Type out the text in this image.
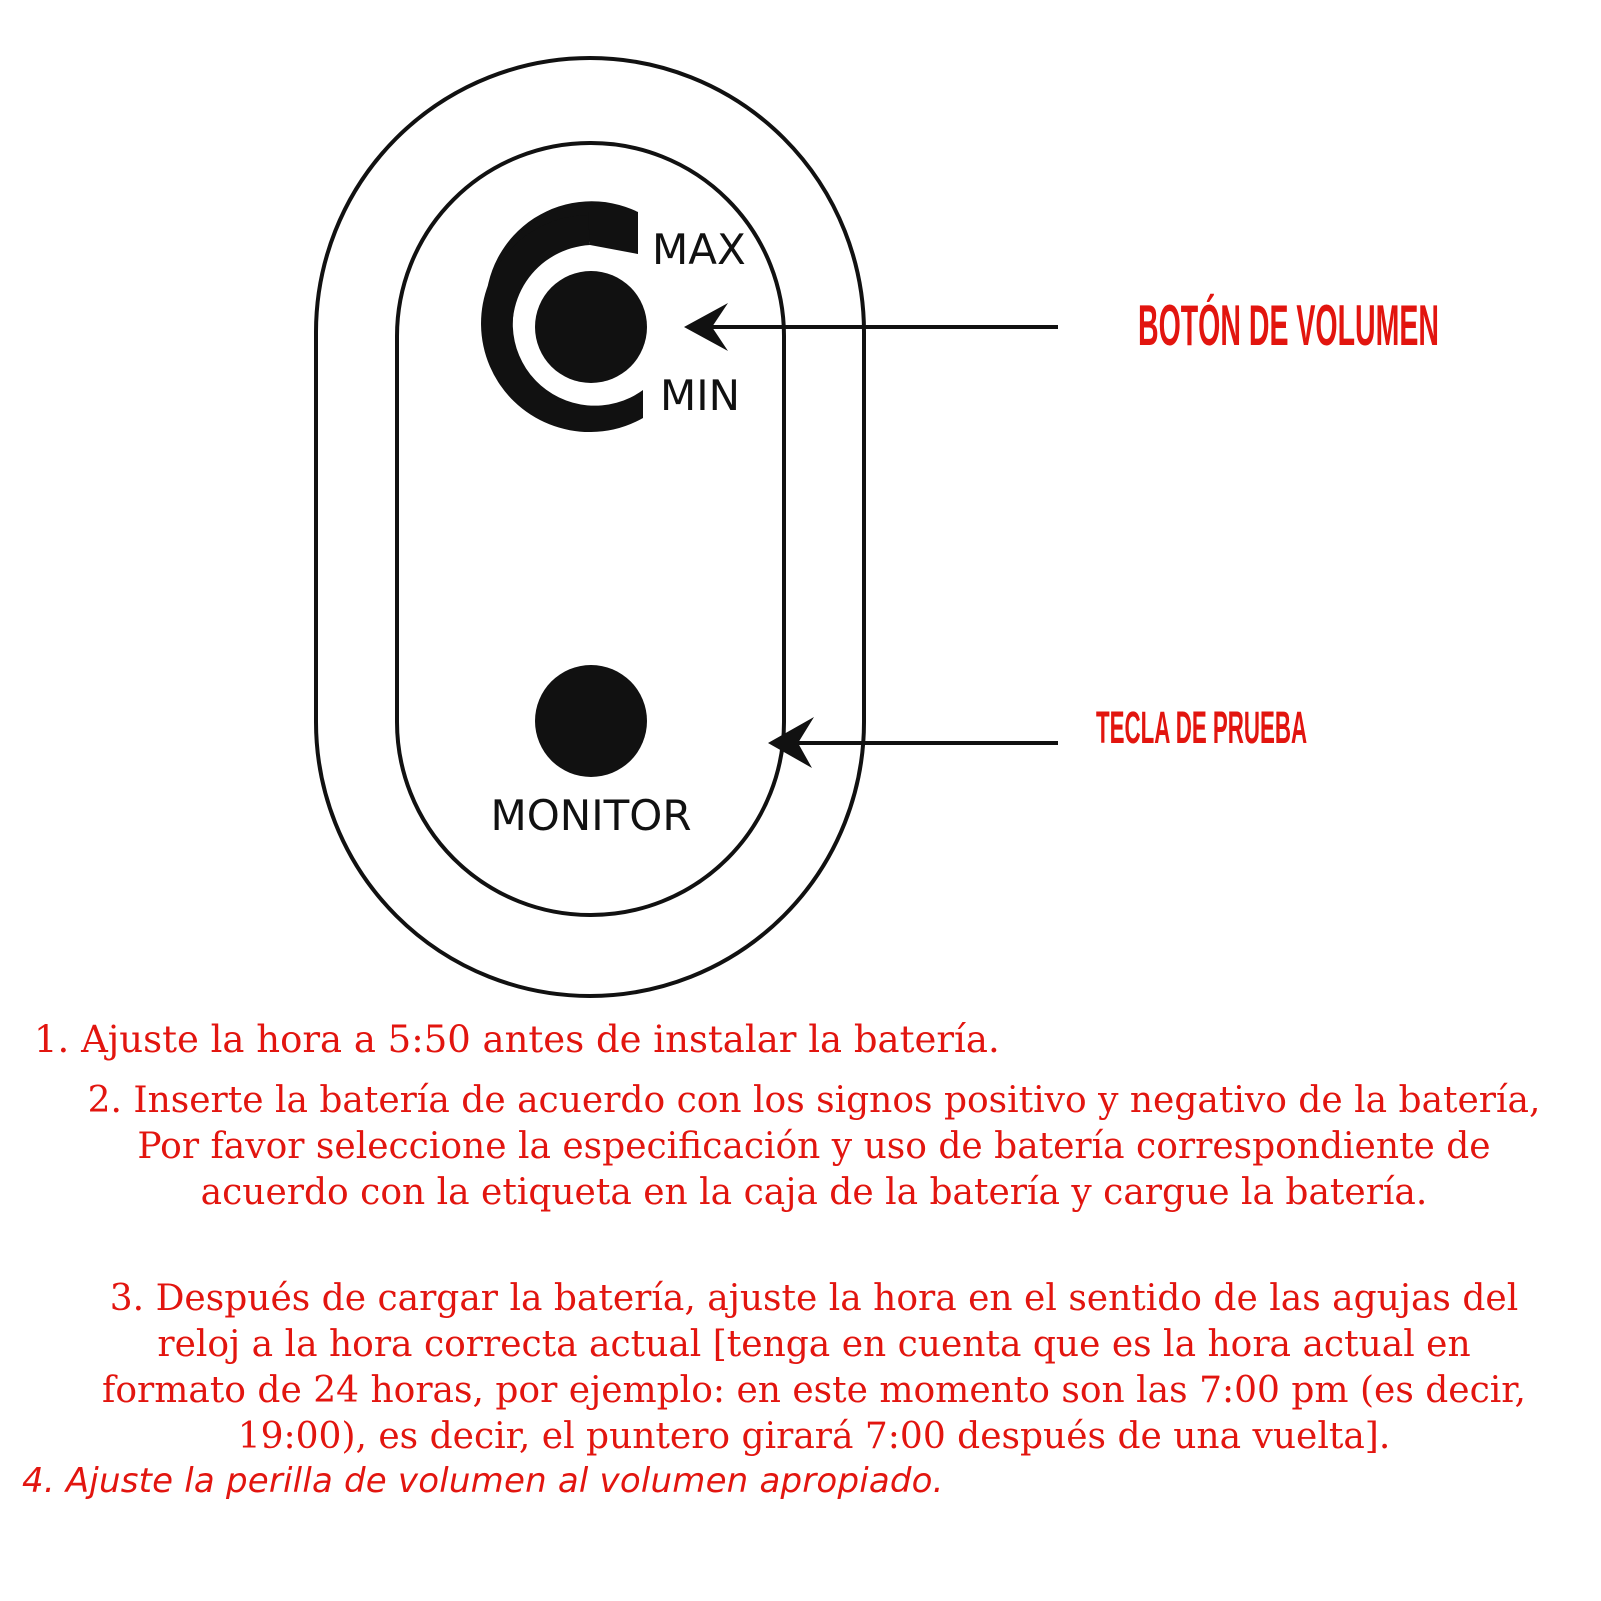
MAX
MIN
MONITOR
BOTÓN DE VOLUMEN
TECLA DE PRUEBA

1. Ajuste la hora a 5:50 antes de instalar la batería.

2. Inserte la batería de acuerdo con los signos positivo y negativo de la batería,
Por favor seleccione la especificación y uso de batería correspondiente de
acuerdo con la etiqueta en la caja de la batería y cargue la batería.
3. Después de cargar la batería, ajuste la hora en el sentido de las agujas del
reloj a la hora correcta actual [tenga en cuenta que es la hora actual en
formato de 24 horas, por ejemplo: en este momento son las 7:00 pm (es decir,
19:00), es decir, el puntero girará 7:00 después de una vuelta].

4. Ajuste la perilla de volumen al volumen apropiado.
